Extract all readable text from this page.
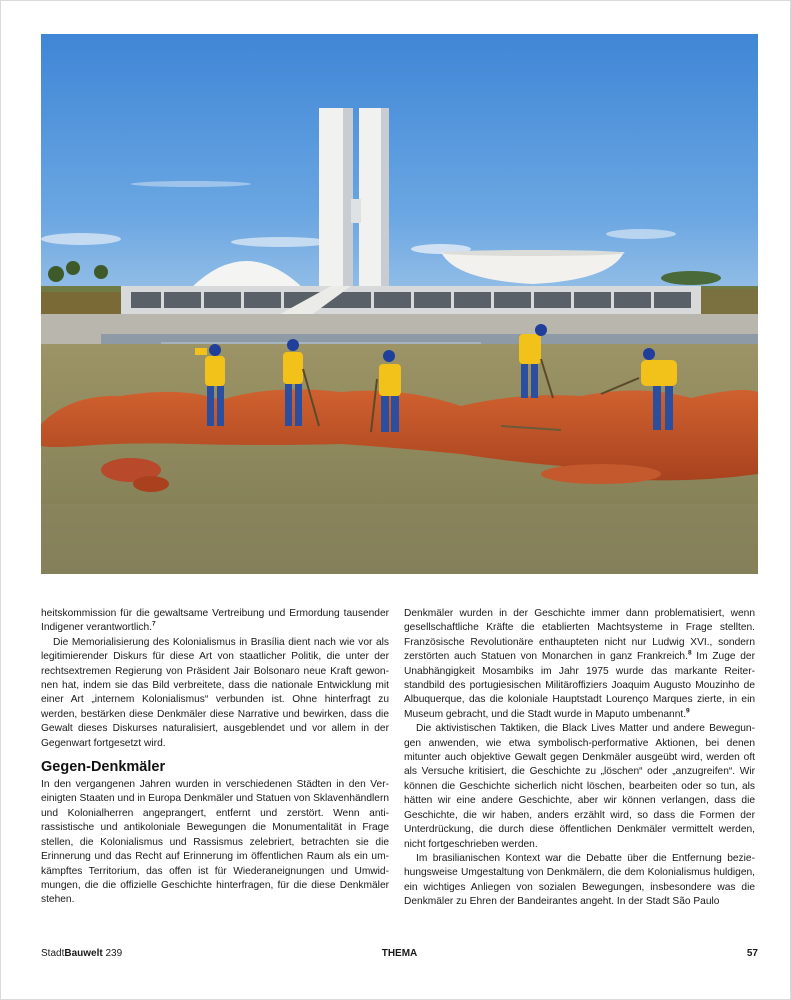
heitskommission für die gewaltsame Vertreibung und Ermordung tausender Indigener verantwortlich.$^7$

Die Memorialisierung des Kolonialismus in Brasília dient nach wie vor als legitimierender Diskurs für diese Art von staatlicher Politik, die unter der rechtsextremen Regierung von Präsident Jair Bolsonaro neue Kraft gewonnen hat, indem sie das Bild verbreitete, dass die nationale Entwicklung mit einer Art „internem Kolonialismus“ verbunden ist. Ohne hinterfragt zu werden, bestärken diese Denkmäler diese Narrative und bewirken, dass die Gewalt dieses Diskurses naturalisiert, ausgeblendet und vor allem in der Gegenwart fortgesetzt wird.

Gegen-Denkmäler

In den vergangenen Jahren wurden in verschiedenen Städten in den Vereinigten Staaten und in Europa Denkmäler und Statuen von Sklavenhändlern und Kolonialherren angeprangert, entfernt und zerstört. Wenn antirassistische und antikoloniale Bewegungen die Monumentalität in Frage stellen, die Kolonialismus und Rassismus zelebriert, betrachten sie die Erinnerung und das Recht auf Erinnerung im öffentlichen Raum als ein umkämpftes Territorium, das offen ist für Wiederaneignungen und Umwidmungen, die die offizielle Geschichte hinterfragen, für die diese Denkmäler stehen.

Denkmäler wurden in der Geschichte immer dann problematisiert, wenn gesellschaftliche Kräfte die etablierten Machtsysteme in Frage stellten. Französische Revolutionäre enthaupteten nicht nur Ludwig XVI., sondern zerstörten auch Statuen von Monarchen in ganz Frankreich.$^8$ Im Zuge der Unabhängigkeit Mosambiks im Jahr 1975 wurde das markante Reiterstandbild des portugiesischen Militäroffiziers Joaquim Augusto Mouzinho de Albuquerque, das die koloniale Hauptstadt Lourenço Marques zierte, in ein Museum gebracht, und die Stadt wurde in Maputo umbenannt.$^9$

Die aktivistischen Taktiken, die Black Lives Matter und andere Bewegungen anwenden, wie etwa symbolisch-performative Aktionen, bei denen mitunter auch objektive Gewalt gegen Denkmäler ausgeübt wird, werden oft als Versuche kritisiert, die Geschichte zu „löschen“ oder „anzugreifen“. Wir können die Geschichte sicherlich nicht löschen, bearbeiten oder so tun, als hätten wir eine andere Geschichte, aber wir können verlangen, dass die Geschichte, die wir haben, anders erzählt wird, so dass die Formen der Unterdrückung, die durch diese öffentlichen Denkmäler vermittelt werden, nicht fortgeschrieben werden.

Im brasilianischen Kontext war die Debatte über die Entfernung beziehungsweise Umgestaltung von Denkmälern, die dem Kolonialismus huldigen, ein wichtiges Anliegen von sozialen Bewegungen, insbesondere was die Denkmäler zu Ehren der Bandeirantes angeht. In der Stadt São Paulo

StadtBauwelt 239	THEMA	57
